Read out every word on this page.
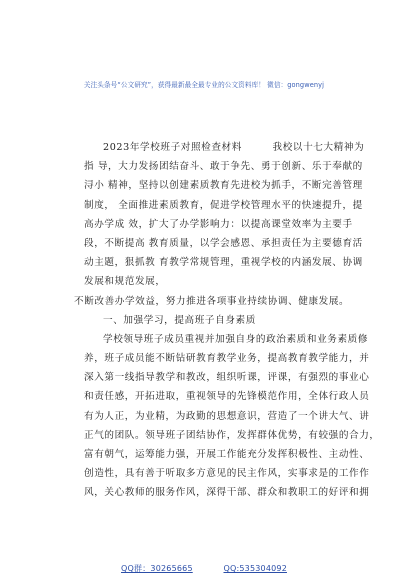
关注头条号“公文研究”，获得最新最全最专业的公文资料库！ 微信：gongwenyj
2023年学校班子对照检查材料　　　我校以十七大精神为
指 导，大力发扬团结奋斗、敢于争先、勇于创新、乐于奉献的
浔小 精神，坚持以创建素质教育先进校为抓手，不断完善管理
制度， 全面推进素质教育，促进学校管理水平的快速提升，提
高办学成 效，扩大了办学影响力：以提高课堂效率为主要手
段，不断提高 教育质量，以学会感恩、承担责任为主要德育活
动主题，狠抓教 育教学常规管理，重视学校的内涵发展、协调
发展和规范发展，
不断改善办学效益，努力推进各项事业持续协调、健康发展。
一、加强学习，提高班子自身素质
学校领导班子成员重视并加强自身的政治素质和业务素质修
养，班子成员能不断钻研教育教学业务，提高教育教学能力，并
深入第一线指导教学和教改，组织听课，评课，有强烈的事业心
和责任感，开拓进取，重视领导的先锋模范作用，全体行政人员
有为人正，为业精，为政勤的思想意识，营造了一个讲大气、讲
正气的团队。领导班子团结协作，发挥群体优势，有较强的合力，
富有朝气，运筹能力强，开展工作能充分发挥积极性、主动性、
创造性，具有善于听取多方意见的民主作风，实事求是的工作作
风，关心教师的服务作风，深得干部、群众和教职工的好评和拥
QQ群：30265665	QQ:535304092
